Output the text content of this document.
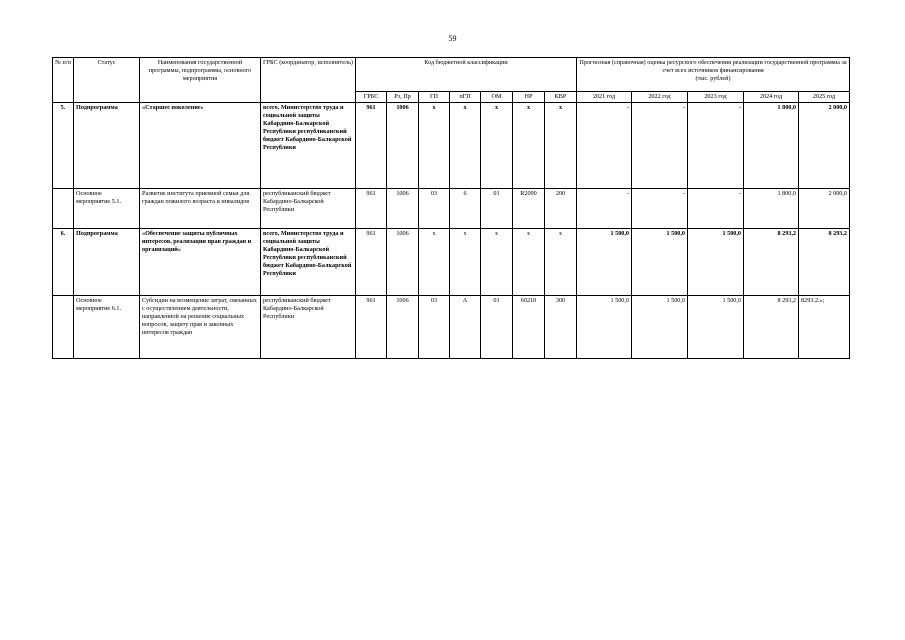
59
№ п/п	Статус	Наименования государственной программы, подпрограммы, основного мероприятия	ГРБС (координатор, исполнитель)	Код бюджетной классификации							Прогнозная (справочная) оценка ресурсного обеспечения реализации государственной программы за счет всех источников финансирования
(тыс. рублей)				
				ГРБС	Рз, Пр	ГП	пГП	ОМ	НР	КВР	2021 год	2022 год	2023 год	2024 год	2025 год
5.	Подпрограмма	«Старшее поколение»	всего, Министерство труда и социальной защиты Кабардино-Балкарской Республики республиканский бюджет Кабардино-Балкарской Республики	961	1006	х	х	х	х	х	-	-	-	1 800,0	2 000,0
	Основное мероприятие 5.1.	Развитие института приемной семьи для граждан пожилого возраста и инвалидов	республиканский бюджет Кабардино-Балкарской Республики	961	1006	03	6	01	R2090	200	-	-	-	1 800,0	2 000,0
6.	Подпрограмма	«Обеспечение защиты публичных интересов, реализации прав граждан и организаций»	всего, Министерство труда и социальной защиты Кабардино-Балкарской Республики республиканский бюджет Кабардино-Балкарской Республики	961	1006	х	х	х	х	х	1 500,0	1 500,0	1 500,0	8 293,2	8 293,2
	Основное мероприятие 6.1.	Субсидии на возмещение затрат, связанных с осуществлением деятельности, направленной на решение социальных вопросов, защиту прав и законных интересов граждан	республиканский бюджет Кабардино-Балкарской Республики	961	1006	03	А	01	60210	300	1 500,0	1 500,0	1 500,0	8 293,2	8293.2.»;
